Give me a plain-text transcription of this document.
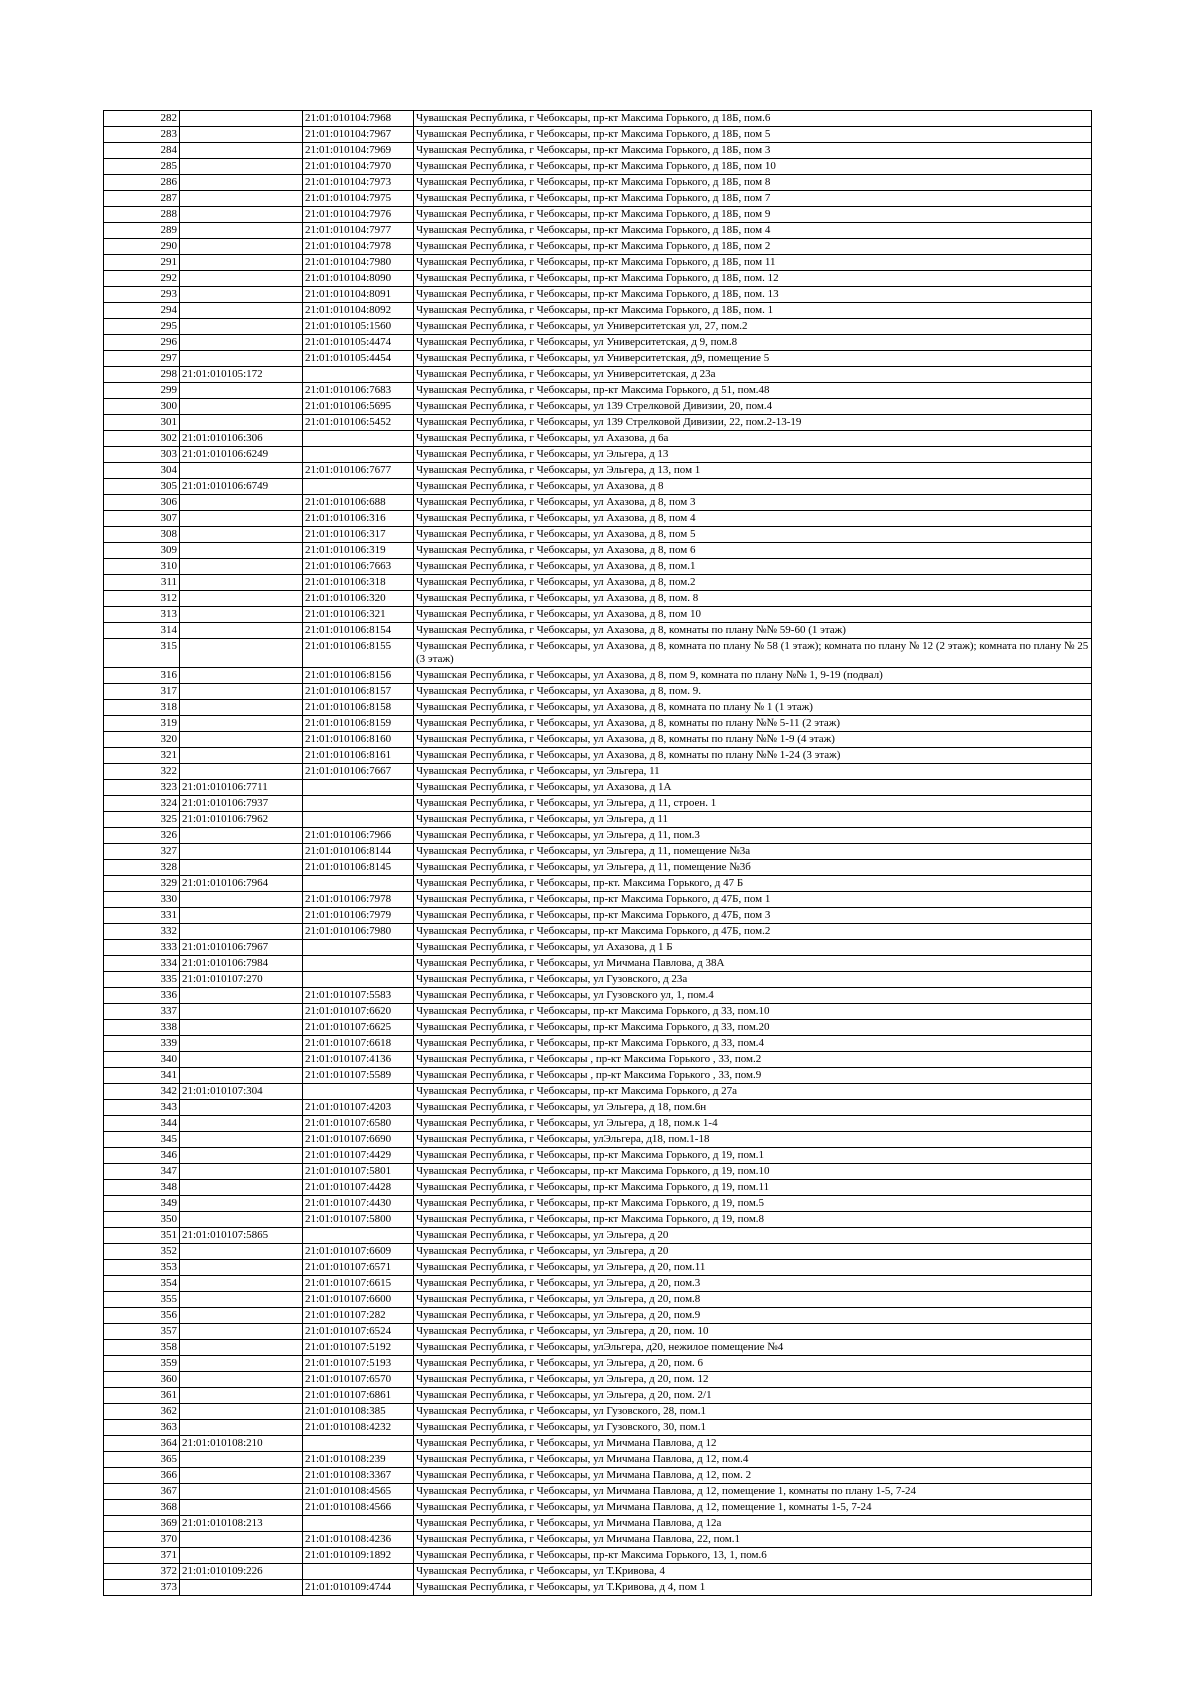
282		21:01:010104:7968	Чувашская Республика, г Чебоксары, пр-кт Максима Горького, д 18Б, пом.6
283		21:01:010104:7967	Чувашская Республика, г Чебоксары, пр-кт Максима Горького, д 18Б, пом 5
284		21:01:010104:7969	Чувашская Республика, г Чебоксары, пр-кт Максима Горького, д 18Б, пом 3
285		21:01:010104:7970	Чувашская Республика, г Чебоксары, пр-кт Максима Горького, д 18Б, пом 10
286		21:01:010104:7973	Чувашская Республика, г Чебоксары, пр-кт Максима Горького, д 18Б, пом 8
287		21:01:010104:7975	Чувашская Республика, г Чебоксары, пр-кт Максима Горького, д 18Б, пом 7
288		21:01:010104:7976	Чувашская Республика, г Чебоксары, пр-кт Максима Горького, д 18Б, пом 9
289		21:01:010104:7977	Чувашская Республика, г Чебоксары, пр-кт Максима Горького, д 18Б, пом 4
290		21:01:010104:7978	Чувашская Республика, г Чебоксары, пр-кт Максима Горького, д 18Б, пом 2
291		21:01:010104:7980	Чувашская Республика, г Чебоксары, пр-кт Максима Горького, д 18Б, пом 11
292		21:01:010104:8090	Чувашская Республика, г Чебоксары, пр-кт Максима Горького, д 18Б, пом. 12
293		21:01:010104:8091	Чувашская Республика, г Чебоксары, пр-кт Максима Горького, д 18Б, пом. 13
294		21:01:010104:8092	Чувашская Республика, г Чебоксары, пр-кт Максима Горького, д 18Б, пом. 1
295		21:01:010105:1560	Чувашская Республика, г Чебоксары, ул Университетская ул, 27, пом.2
296		21:01:010105:4474	Чувашская Республика, г Чебоксары, ул Университетская, д 9, пом.8
297		21:01:010105:4454	Чувашская Республика, г Чебоксары, ул Университетская, д9, помещение 5
298	21:01:010105:172		Чувашская Республика, г Чебоксары, ул Университетская, д 23а
299		21:01:010106:7683	Чувашская Республика, г Чебоксары, пр-кт Максима Горького, д 51, пом.48
300		21:01:010106:5695	Чувашская Республика, г Чебоксары, ул 139 Стрелковой Дивизии, 20, пом.4
301		21:01:010106:5452	Чувашская Республика, г Чебоксары, ул 139 Стрелковой Дивизии, 22, пом.2-13-19
302	21:01:010106:306		Чувашская Республика, г Чебоксары, ул Ахазова, д 6а
303	21:01:010106:6249		Чувашская Республика, г Чебоксары, ул Эльгера, д 13
304		21:01:010106:7677	Чувашская Республика, г Чебоксары, ул Эльгера, д 13, пом 1
305	21:01:010106:6749		Чувашская Республика, г Чебоксары, ул Ахазова, д 8
306		21:01:010106:688	Чувашская Республика, г Чебоксары, ул Ахазова, д 8, пом 3
307		21:01:010106:316	Чувашская Республика, г Чебоксары, ул Ахазова, д 8, пом 4
308		21:01:010106:317	Чувашская Республика, г Чебоксары, ул Ахазова, д 8, пом 5
309		21:01:010106:319	Чувашская Республика, г Чебоксары, ул Ахазова, д 8, пом 6
310		21:01:010106:7663	Чувашская Республика, г Чебоксары, ул Ахазова, д 8, пом.1
311		21:01:010106:318	Чувашская Республика, г Чебоксары, ул Ахазова, д 8, пом.2
312		21:01:010106:320	Чувашская Республика, г Чебоксары, ул Ахазова, д 8, пом. 8
313		21:01:010106:321	Чувашская Республика, г Чебоксары, ул Ахазова, д 8, пом 10
314		21:01:010106:8154	Чувашская Республика, г Чебоксары, ул Ахазова, д 8, комнаты по плану №№ 59-60 (1 этаж)
315		21:01:010106:8155	Чувашская Республика, г Чебоксары, ул Ахазова, д 8, комната по плану № 58 (1 этаж); комната по плану № 12 (2 этаж); комната по плану № 25 (3 этаж)
316		21:01:010106:8156	Чувашская Республика, г Чебоксары, ул Ахазова, д 8, пом 9, комната по плану №№ 1, 9-19 (подвал)
317		21:01:010106:8157	Чувашская Республика, г Чебоксары, ул Ахазова, д 8, пом. 9.
318		21:01:010106:8158	Чувашская Республика, г Чебоксары, ул Ахазова, д 8, комната по плану № 1 (1 этаж)
319		21:01:010106:8159	Чувашская Республика, г Чебоксары, ул Ахазова, д 8, комнаты по плану №№ 5-11 (2 этаж)
320		21:01:010106:8160	Чувашская Республика, г Чебоксары, ул Ахазова, д 8, комнаты по плану №№ 1-9 (4 этаж)
321		21:01:010106:8161	Чувашская Республика, г Чебоксары, ул Ахазова, д 8, комнаты по плану №№ 1-24 (3 этаж)
322		21:01:010106:7667	Чувашская Республика, г Чебоксары, ул Эльгера, 11
323	21:01:010106:7711		Чувашская Республика, г Чебоксары, ул Ахазова, д 1А
324	21:01:010106:7937		Чувашская Республика, г Чебоксары, ул Эльгера, д 11, строен. 1
325	21:01:010106:7962		Чувашская Республика, г Чебоксары, ул Эльгера, д 11
326		21:01:010106:7966	Чувашская Республика, г Чебоксары, ул Эльгера, д 11, пом.3
327		21:01:010106:8144	Чувашская Республика, г Чебоксары, ул Эльгера, д 11, помещение №3а
328		21:01:010106:8145	Чувашская Республика, г Чебоксары, ул Эльгера, д 11, помещение №3б
329	21:01:010106:7964		Чувашская Республика, г Чебоксары, пр-кт. Максима Горького, д 47 Б
330		21:01:010106:7978	Чувашская Республика, г Чебоксары, пр-кт Максима Горького, д 47Б, пом 1
331		21:01:010106:7979	Чувашская Республика, г Чебоксары, пр-кт Максима Горького, д 47Б, пом 3
332		21:01:010106:7980	Чувашская Республика, г Чебоксары, пр-кт Максима Горького, д 47Б, пом.2
333	21:01:010106:7967		Чувашская Республика, г Чебоксары, ул Ахазова, д 1 Б
334	21:01:010106:7984		Чувашская Республика, г Чебоксары, ул Мичмана Павлова, д 38А
335	21:01:010107:270		Чувашская Республика, г Чебоксары, ул Гузовского, д 23а
336		21:01:010107:5583	Чувашская Республика, г Чебоксары, ул Гузовского ул, 1, пом.4
337		21:01:010107:6620	Чувашская Республика, г Чебоксары, пр-кт Максима Горького, д 33, пом.10
338		21:01:010107:6625	Чувашская Республика, г Чебоксары, пр-кт Максима Горького, д 33, пом.20
339		21:01:010107:6618	Чувашская Республика, г Чебоксары, пр-кт Максима Горького, д 33, пом.4
340		21:01:010107:4136	Чувашская Республика, г Чебоксары , пр-кт Максима Горького , 33, пом.2
341		21:01:010107:5589	Чувашская Республика, г Чебоксары , пр-кт Максима Горького , 33, пом.9
342	21:01:010107:304		Чувашская Республика, г Чебоксары, пр-кт Максима Горького, д 27а
343		21:01:010107:4203	Чувашская Республика, г Чебоксары, ул Эльгера, д 18, пом.6н
344		21:01:010107:6580	Чувашская Республика, г Чебоксары, ул Эльгера, д 18, пом.к 1-4
345		21:01:010107:6690	Чувашская Республика, г Чебоксары, улЭльгера, д18, пом.1-18
346		21:01:010107:4429	Чувашская Республика, г Чебоксары, пр-кт Максима Горького, д 19, пом.1
347		21:01:010107:5801	Чувашская Республика, г Чебоксары, пр-кт Максима Горького, д 19, пом.10
348		21:01:010107:4428	Чувашская Республика, г Чебоксары, пр-кт Максима Горького, д 19, пом.11
349		21:01:010107:4430	Чувашская Республика, г Чебоксары, пр-кт Максима Горького, д 19, пом.5
350		21:01:010107:5800	Чувашская Республика, г Чебоксары, пр-кт Максима Горького, д 19, пом.8
351	21:01:010107:5865		Чувашская Республика, г Чебоксары, ул Эльгера, д 20
352		21:01:010107:6609	Чувашская Республика, г Чебоксары, ул Эльгера, д 20
353		21:01:010107:6571	Чувашская Республика, г Чебоксары, ул Эльгера, д 20, пом.11
354		21:01:010107:6615	Чувашская Республика, г Чебоксары, ул Эльгера, д 20, пом.3
355		21:01:010107:6600	Чувашская Республика, г Чебоксары, ул Эльгера, д 20, пом.8
356		21:01:010107:282	Чувашская Республика, г Чебоксары, ул Эльгера, д 20, пом.9
357		21:01:010107:6524	Чувашская Республика, г Чебоксары, ул Эльгера, д 20, пом. 10
358		21:01:010107:5192	Чувашская Республика, г Чебоксары, улЭльгера, д20, нежилое помещение №4
359		21:01:010107:5193	Чувашская Республика, г Чебоксары, ул Эльгера, д 20, пом. 6
360		21:01:010107:6570	Чувашская Республика, г Чебоксары, ул Эльгера, д 20, пом. 12
361		21:01:010107:6861	Чувашская Республика, г Чебоксары, ул Эльгера, д 20, пом. 2/1
362		21:01:010108:385	Чувашская Республика, г Чебоксары, ул Гузовского, 28, пом.1
363		21:01:010108:4232	Чувашская Республика, г Чебоксары, ул Гузовского, 30, пом.1
364	21:01:010108:210		Чувашская Республика, г Чебоксары, ул Мичмана Павлова, д 12
365		21:01:010108:239	Чувашская Республика, г Чебоксары, ул Мичмана Павлова, д 12, пом.4
366		21:01:010108:3367	Чувашская Республика, г Чебоксары, ул Мичмана Павлова, д 12, пом. 2
367		21:01:010108:4565	Чувашская Республика, г Чебоксары, ул Мичмана Павлова, д 12, помещение 1, комнаты по плану 1-5, 7-24
368		21:01:010108:4566	Чувашская Республика, г Чебоксары, ул Мичмана Павлова, д 12, помещение 1, комнаты 1-5, 7-24
369	21:01:010108:213		Чувашская Республика, г Чебоксары, ул Мичмана Павлова, д 12а
370		21:01:010108:4236	Чувашская Республика, г Чебоксары, ул Мичмана Павлова, 22, пом.1
371		21:01:010109:1892	Чувашская Республика, г Чебоксары, пр-кт Максима Горького, 13, 1, пом.6
372	21:01:010109:226		Чувашская Республика, г Чебоксары, ул Т.Кривова, 4
373		21:01:010109:4744	Чувашская Республика, г Чебоксары, ул Т.Кривова, д 4, пом 1
